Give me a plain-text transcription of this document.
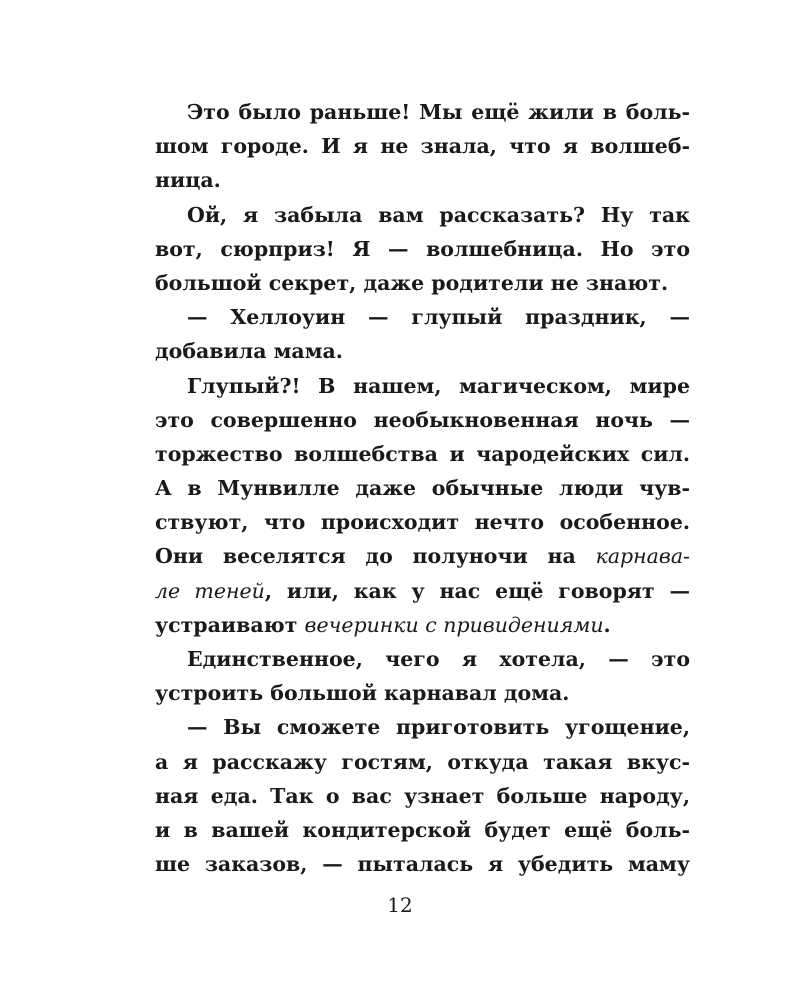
Это было раньше! Мы ещё жили в боль-
шом городе. И я не знала, что я волшеб-
ница.
Ой, я забыла вам рассказать? Ну так
вот, сюрприз! Я — волшебница. Но это
большой секрет, даже родители не знают.
— Хеллоуин — глупый праздник, —
добавила мама.
Глупый?! В нашем, магическом, мире
это совершенно необыкновенная ночь —
торжество волшебства и чародейских сил.
А в Мунвилле даже обычные люди чув-
ствуют, что происходит нечто особенное.
Они веселятся до полуночи на карнава-
ле теней, или, как у нас ещё говорят —
устраивают вечеринки с привидениями.
Единственное, чего я хотела, — это
устроить большой карнавал дома.
— Вы сможете приготовить угощение,
а я расскажу гостям, откуда такая вкус-
ная еда. Так о вас узнает больше народу,
и в вашей кондитерской будет ещё боль-
ше заказов, — пыталась я убедить маму
12
